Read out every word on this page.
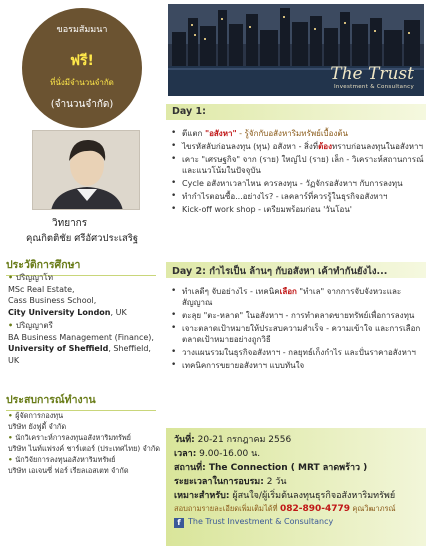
ขอรมสัมมนา
ฟรี!
ที่นั่งมีจำนวนจำกัด
(จำนวนจำกัด)
วิทยากร
คุณกิตติชัย ศรีอัศวประเสริฐ
ประวัติการศึกษา
• ปริญญาโท
MSc Real Estate,
Cass Business School,
City University London, UK
• ปริญญาตรี
BA Business Management (Finance),
University of Sheffield, Sheffield, UK
ประสบการณ์ทำงาน
• ผู้จัดการกองทุน
บริษัท ยังฟูดี้ จำกัด
• นักวิเคราะห์การลงทุนอสังหาริมทรัพย์
บริษัท ไนท์แฟรงค์ ชาร์เตอร์ (ประเทศไทย) จำกัด
• นักวิจัยการลงทุนอสังหาริมทรัพย์
บริษัท เอเจนซี่ ฟอร์ เรียลเอสเตท จำกัด
The Trust
Investment & Consultancy
Day 1:
• ตีแตก "อสังหา" - รู้จักกับอสังหาริมทรัพย์เบื้องต้น
• ไขรหัสลับก่อนลงทุน (ทุน) อสังหา - สิ่งที่ต้องทราบก่อนลงทุนในอสังหาฯ
• เคาะ "เศรษฐกิจ" จาก (ราย) ใหญ่ไป (ราย) เล็ก - วิเคราะห์สถานการณ์ และแนวโน้มในปัจจุบัน
• Cycle อสังหาเวลาไหน ควรลงทุน - วัฏจักรอสังหาฯ กับการลงทุน
• ทำกำไรตอนซื้อ...อย่างไร? - เลคลาร์ที่ควรรู้ในธุรกิจอสังหาฯ
• Kick-off work shop - เตรียมพร้อมก่อน 'วันโอน'
Day 2: กำไรเป็น ล้านๆ กับอสังหา เค้าทำกันยังไง...
• ทำเลดีๆ จับอย่างไร - เทคนิคเลือก "ทำเล" จากการจับจังหวะและสัญญาณ
• ตะลุย "ตะ-หลาด" ในอสังหาฯ - การทำตลาดขายทรัพย์เพื่อการลงทุน
• เจาะตลาดเป้าหมายให้ประสบความสำเร็จ - ความเข้าใจ และการเลือกตลาดเป้าหมายอย่างถูกวิธี
• วางแผนรวมในธุรกิจอสังหาฯ - กลยุทธ์เก็งกำไร และปั่นราคาอสังหาฯ
• เทคนิคการขยายอสังหาฯ แบบทันใจ
วันที่: 20-21 กรกฎาคม 2556
เวลา: 9.00-16.00 น.
สถานที่: The Connection ( MRT ลาดพร้าว )
ระยะเวลาในการอบรม: 2 วัน
เหมาะสำหรับ: ผู้สนใจ/ผู้เริ่มต้นลงทุนธุรกิจอสังหาริมทรัพย์
สอบถามรายละเอียดเพิ่มเติมได้ที่ 082-890-4779 คุณวิฒาภรณ์
f The Trust Investment & Consultancy
